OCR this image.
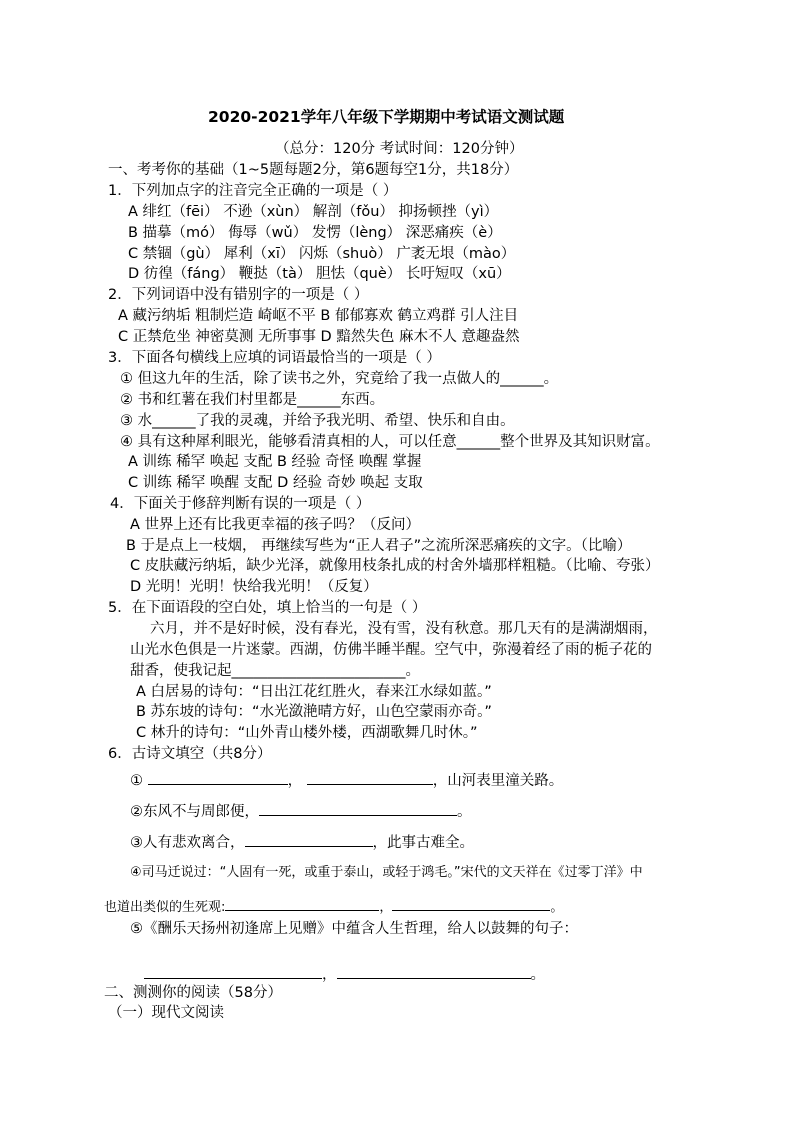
2020-2021学年八年级下学期期中考试语文测试题
（总分：120分 考试时间：120分钟）
一、考考你的基础（1~5题每题2分，第6题每空1分，共18分）
1．下列加点字的注音完全正确的一项是（ ）
A 绯红（fēi） 不逊（xùn） 解剖（fǒu） 抑扬顿挫（yì）
B 描摹（mó） 侮辱（wǔ） 发愣（lèng） 深恶痛疾（è）
C 禁锢（gù） 犀利（xī） 闪烁（shuò） 广袤无垠（mào）
D 彷徨（fáng） 鞭挞（tà） 胆怯（què） 长吁短叹（xū）
2．下列词语中没有错别字的一项是（ ）
A 藏污纳垢 粗制烂造 崎岖不平 B 郁郁寡欢 鹤立鸡群 引人注目
C 正禁危坐 神密莫测 无所事事 D 黯然失色 麻木不人 意趣盎然
3．下面各句横线上应填的词语最恰当的一项是（ ）
① 但这九年的生活，除了读书之外，究竟给了我一点做人的______。
② 书和红薯在我们村里都是______东西。
③ 水______了我的灵魂，并给予我光明、希望、快乐和自由。
④ 具有这种犀利眼光，能够看清真相的人，可以任意______整个世界及其知识财富。
A 训练 稀罕 唤起 支配 B 经验 奇怪 唤醒 掌握
C 训练 稀罕 唤醒 支配 D 经验 奇妙 唤起 支取
4．下面关于修辞判断有误的一项是（ ）
A 世界上还有比我更幸福的孩子吗？（反问）
B 于是点上一枝烟， 再继续写些为“正人君子”之流所深恶痛疾的文字。（比喻）
C 皮肤藏污纳垢，缺少光泽，就像用枝条扎成的村舍外墙那样粗糙。（比喻、夸张）
D 光明！光明！快给我光明！（反复）
5．在下面语段的空白处，填上恰当的一句是（ ）
六月，并不是好时候，没有春光，没有雪，没有秋意。那几天有的是满湖烟雨，
山光水色俱是一片迷蒙。西湖，仿佛半睡半醒。空气中，弥漫着经了雨的栀子花的
甜香，使我记起________________________。
A 白居易的诗句：“日出江花红胜火，春来江水绿如蓝。”
B 苏东坡的诗句：“水光潋滟晴方好，山色空蒙雨亦奇。”
C 林升的诗句：“山外青山楼外楼，西湖歌舞几时休。”
6．古诗文填空（共8分）
①	，	，山河表里潼关路。
②东风不与周郎便，	。
③人有悲欢离合，	，此事古难全。
④司马迁说过：“人固有一死，或重于泰山，或轻于鸿毛。”宋代的文天祥在《过零丁洋》中
也道出类似的生死观:	，	。
⑤《酬乐天扬州初逢席上见赠》中蕴含人生哲理，给人以鼓舞的句子：
，	。
二、测测你的阅读（58分）
（一）现代文阅读
